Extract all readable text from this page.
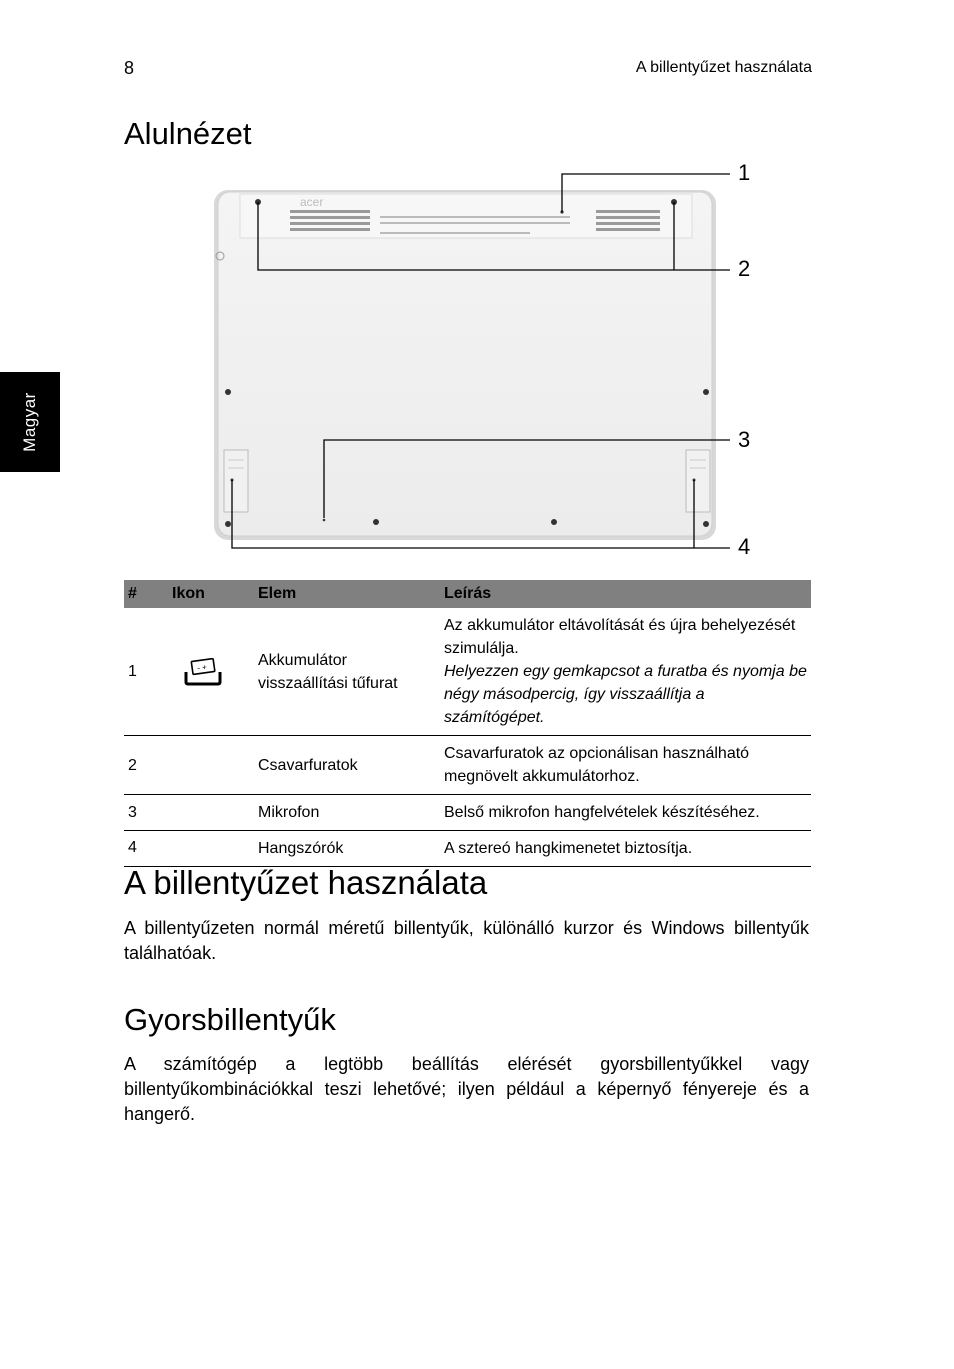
8	A billentyűzet használata
Magyar
Alulnézet
acer
1
2
3
4
#	Ikon	Elem	Leírás
1	- +	Akkumulátor visszaállítási tűfurat	Az akkumulátor eltávolítását és újra behelyezését szimulálja.
Helyezzen egy gemkapcsot a furatba és nyomja be négy másodpercig, így visszaállítja a számítógépet.

2		Csavarfuratok	Csavarfuratok az opcionálisan használható megnövelt akkumulátorhoz.
3		Mikrofon	Belső mikrofon hangfelvételek készítéséhez.
4		Hangszórók	A sztereó hangkimenetet biztosítja.
A billentyűzet használata

A billentyűzeten normál méretű billentyűk, különálló kurzor és Windows billentyűk találhatóak.

Gyorsbillentyűk

A számítógép a legtöbb beállítás elérését gyorsbillentyűkkel vagy billentyűkombinációkkal teszi lehetővé; ilyen például a képernyő fényereje és a hangerő.
